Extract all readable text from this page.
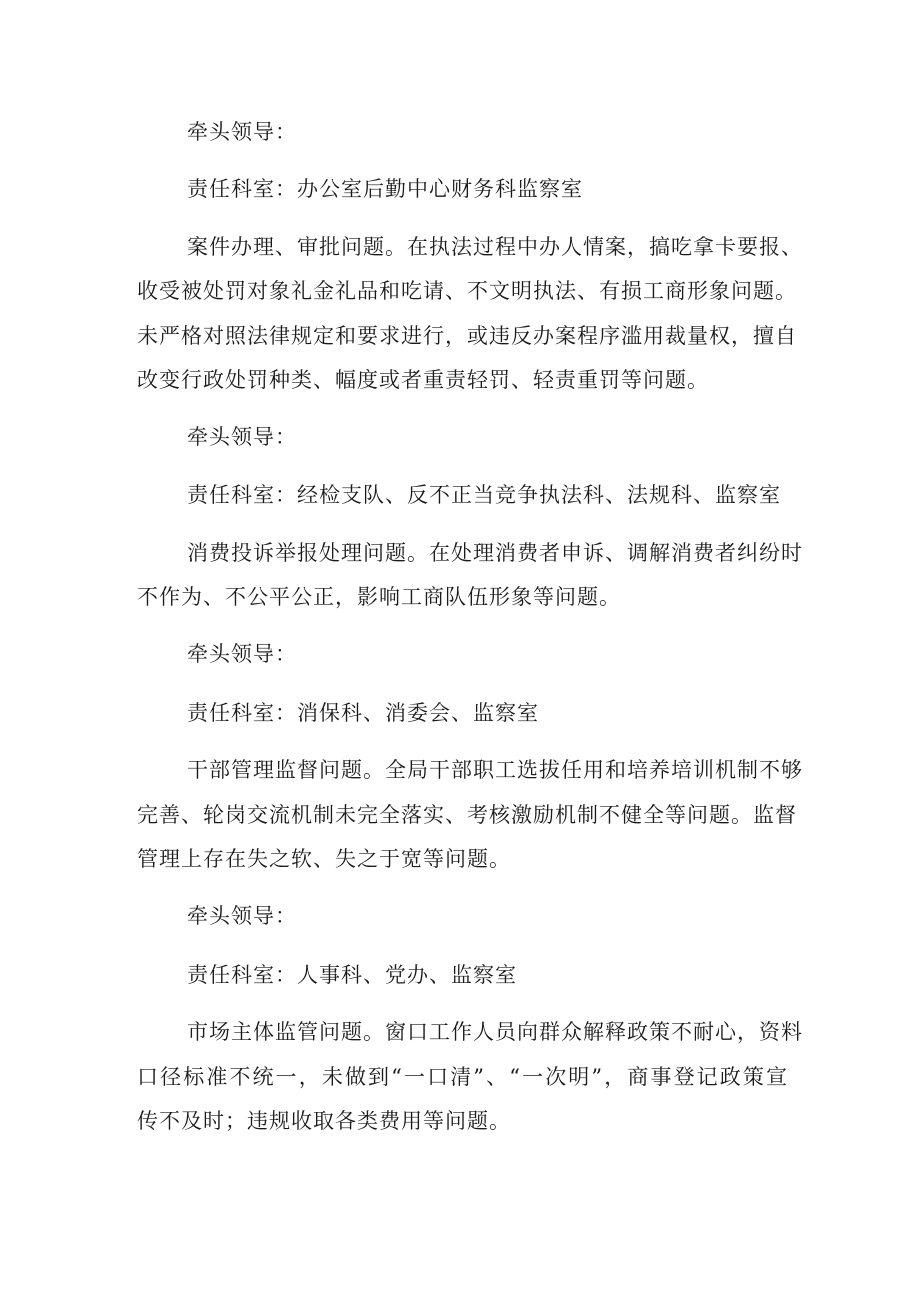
牵头领导：
责任科室：办公室后勤中心财务科监察室
案件办理、审批问题。在执法过程中办人情案，搞吃拿卡要报、
收受被处罚对象礼金礼品和吃请、不文明执法、有损工商形象问题。
未严格对照法律规定和要求进行，或违反办案程序滥用裁量权，擅自
改变行政处罚种类、幅度或者重责轻罚、轻责重罚等问题。
牵头领导：
责任科室：经检支队、反不正当竞争执法科、法规科、监察室
消费投诉举报处理问题。在处理消费者申诉、调解消费者纠纷时
不作为、不公平公正，影响工商队伍形象等问题。
牵头领导：
责任科室：消保科、消委会、监察室
干部管理监督问题。全局干部职工选拔任用和培养培训机制不够
完善、轮岗交流机制未完全落实、考核激励机制不健全等问题。监督
管理上存在失之软、失之于宽等问题。
牵头领导：
责任科室：人事科、党办、监察室
市场主体监管问题。窗口工作人员向群众解释政策不耐心，资料
口径标准不统一，未做到“一口清”、“一次明”，商事登记政策宣
传不及时；违规收取各类费用等问题。
